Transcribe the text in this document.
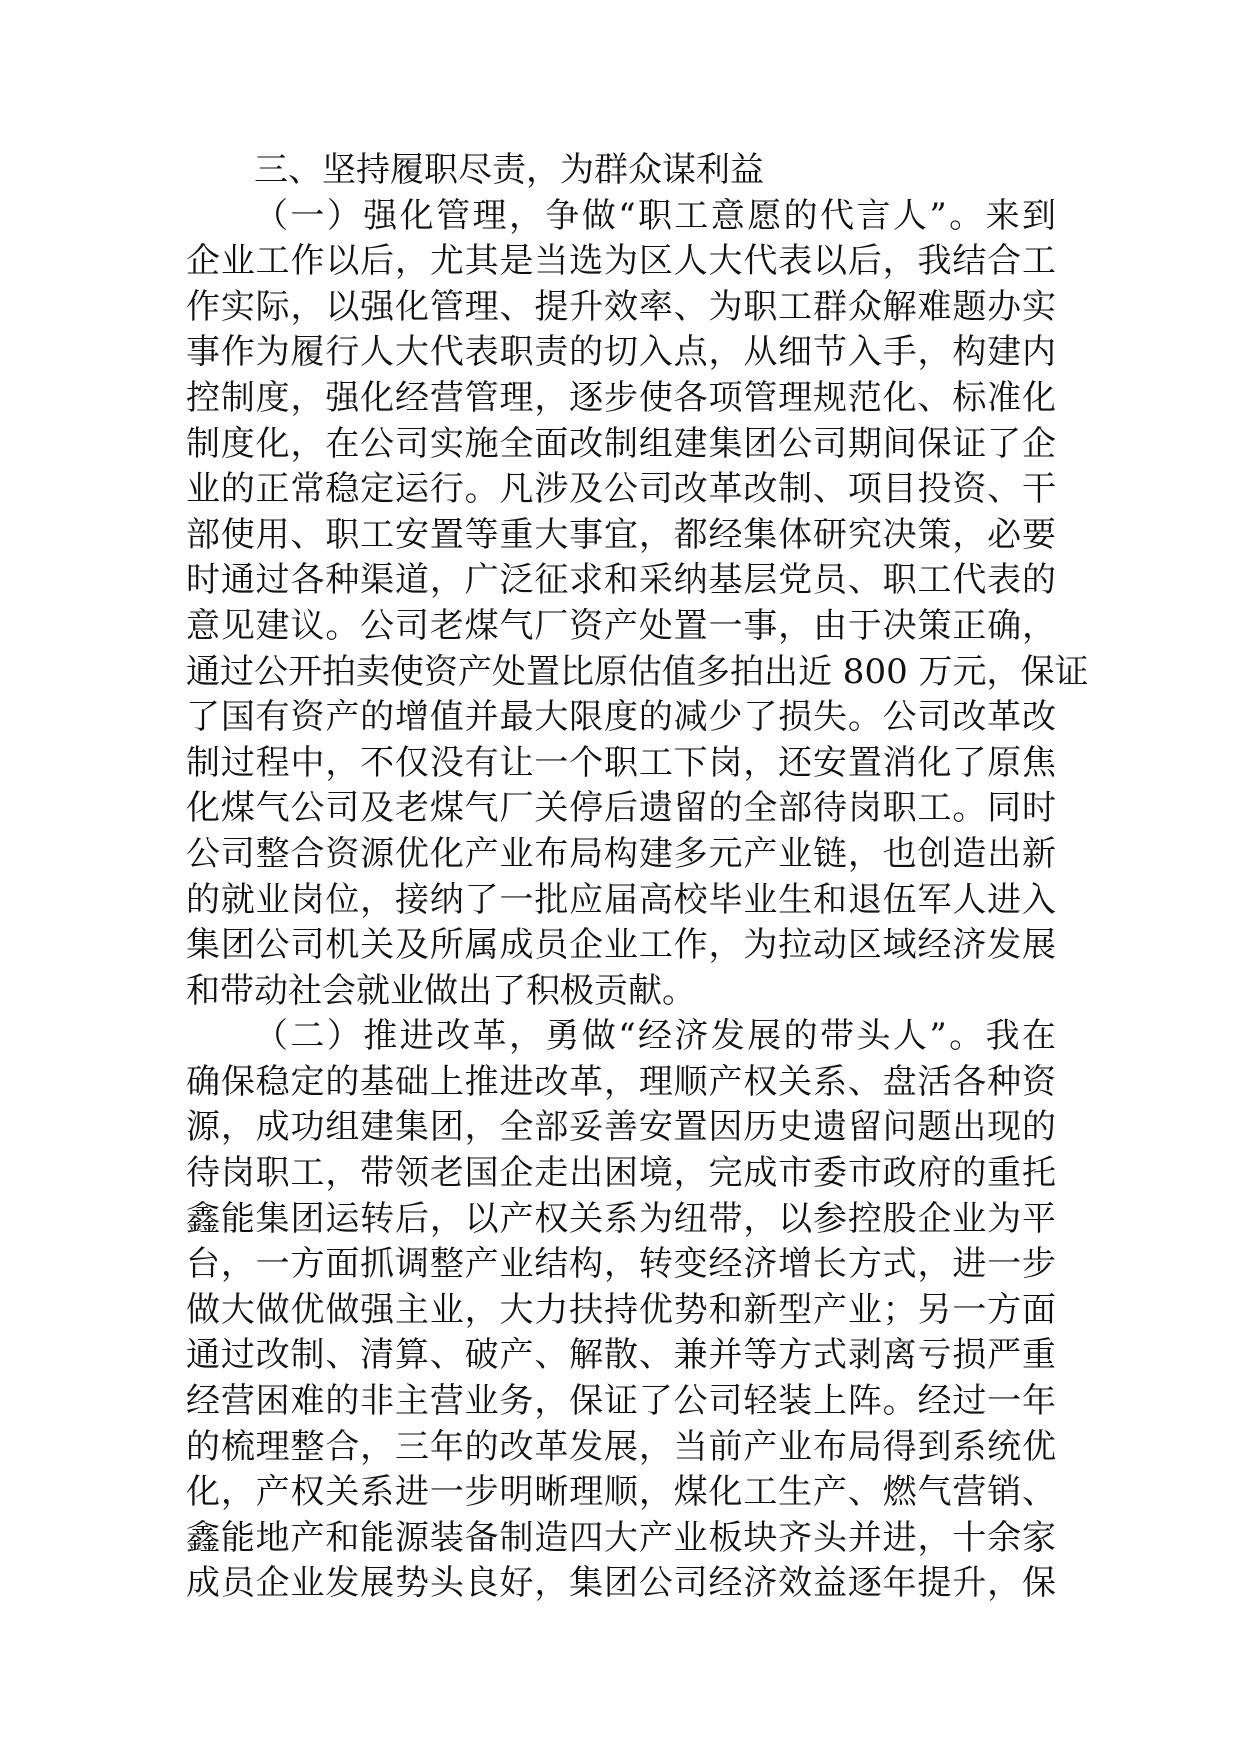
三、坚持履职尽责，为群众谋利益

（一）强化管理，争做“职工意愿的代言人”。来到
企业工作以后，尤其是当选为区人大代表以后，我结合工
作实际，以强化管理、提升效率、为职工群众解难题办实
事作为履行人大代表职责的切入点，从细节入手，构建内
控制度，强化经营管理，逐步使各项管理规范化、标准化
制度化，在公司实施全面改制组建集团公司期间保证了企
业的正常稳定运行。凡涉及公司改革改制、项目投资、干
部使用、职工安置等重大事宜，都经集体研究决策，必要
时通过各种渠道，广泛征求和采纳基层党员、职工代表的
意见建议。公司老煤气厂资产处置一事，由于决策正确，
通过公开拍卖使资产处置比原估值多拍出近 800 万元，保证
了国有资产的增值并最大限度的减少了损失。公司改革改
制过程中，不仅没有让一个职工下岗，还安置消化了原焦
化煤气公司及老煤气厂关停后遗留的全部待岗职工。同时
公司整合资源优化产业布局构建多元产业链，也创造出新
的就业岗位，接纳了一批应届高校毕业生和退伍军人进入
集团公司机关及所属成员企业工作，为拉动区域经济发展
和带动社会就业做出了积极贡献。
（二）推进改革，勇做“经济发展的带头人”。我在
确保稳定的基础上推进改革，理顺产权关系、盘活各种资
源，成功组建集团，全部妥善安置因历史遗留问题出现的
待岗职工，带领老国企走出困境，完成市委市政府的重托
鑫能集团运转后，以产权关系为纽带，以参控股企业为平
台，一方面抓调整产业结构，转变经济增长方式，进一步
做大做优做强主业，大力扶持优势和新型产业；另一方面
通过改制、清算、破产、解散、兼并等方式剥离亏损严重
经营困难的非主营业务，保证了公司轻装上阵。经过一年
的梳理整合，三年的改革发展，当前产业布局得到系统优
化，产权关系进一步明晰理顺，煤化工生产、燃气营销、
鑫能地产和能源装备制造四大产业板块齐头并进，十余家
成员企业发展势头良好，集团公司经济效益逐年提升，保
